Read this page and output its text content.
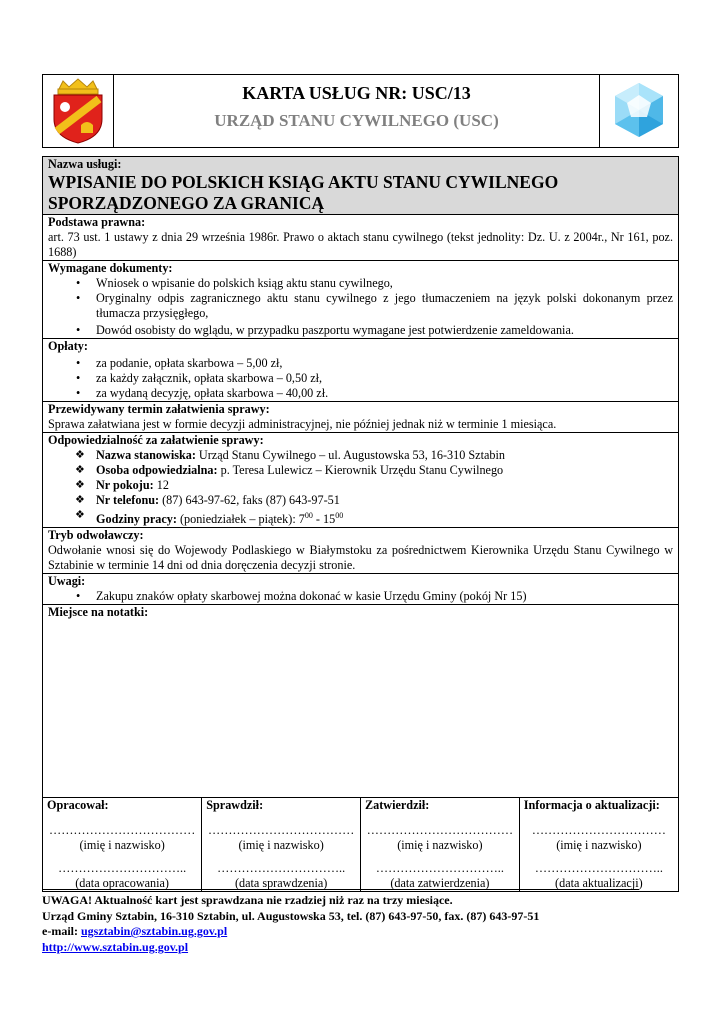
KARTA USŁUG NR: USC/13
URZĄD STANU CYWILNEGO (USC)
Nazwa usługi:
WPISANIE DO POLSKICH KSIĄG AKTU STANU CYWILNEGO
SPORZĄDZONEGO ZA GRANICĄ
Podstawa prawna:
art. 73 ust. 1 ustawy z dnia 29 września 1986r. Prawo o aktach stanu cywilnego (tekst jednolity: Dz. U. z 2004r., Nr 161, poz. 1688)
Wymagane dokumenty:
• Wniosek o wpisanie do polskich ksiąg aktu stanu cywilnego,
• Oryginalny odpis zagranicznego aktu stanu cywilnego z jego tłumaczeniem na język polski dokonanym przez tłumacza przysięgłego,
• Dowód osobisty do wglądu, w przypadku paszportu wymagane jest potwierdzenie zameldowania.
Opłaty:
• za podanie, opłata skarbowa – 5,00 zł,
• za każdy załącznik, opłata skarbowa – 0,50 zł,
• za wydaną decyzję, opłata skarbowa – 40,00 zł.
Przewidywany termin załatwienia sprawy:
Sprawa załatwiana jest w formie decyzji administracyjnej, nie później jednak niż w terminie 1 miesiąca.
Odpowiedzialność za załatwienie sprawy:
❖ Nazwa stanowiska: Urząd Stanu Cywilnego – ul. Augustowska 53, 16-310 Sztabin
❖ Osoba odpowiedzialna: p. Teresa Lulewicz – Kierownik Urzędu Stanu Cywilnego
❖ Nr pokoju: 12
❖ Nr telefonu: (87) 643-97-62, faks (87) 643-97-51
❖ Godziny pracy: (poniedziałek – piątek): $7^{00} - 15^{00}$
Tryb odwoławczy:
Odwołanie wnosi się do Wojewody Podlaskiego w Białymstoku za pośrednictwem Kierownika Urzędu Stanu Cywilnego w Sztabinie w terminie 14 dni od dnia doręczenia decyzji stronie.
Uwagi:
• Zakupu znaków opłaty skarbowej można dokonać w kasie Urzędu Gminy (pokój Nr 15)
Miejsce na notatki:
Opracował:
………………………………
(imię i nazwisko)
…………………………..
(data opracowania)

Sprawdził:
………………………………
(imię i nazwisko)
…………………………..
(data sprawdzenia)

Zatwierdził:
………………………………
(imię i nazwisko)
…………………………..
(data zatwierdzenia)

Informacja o aktualizacji:
……………………………
(imię i nazwisko)
…………………………..
(data aktualizacji)
UWAGA! Aktualność kart jest sprawdzana nie rzadziej niż raz na trzy miesiące.
Urząd Gminy Sztabin, 16-310 Sztabin, ul. Augustowska 53, tel. (87) 643-97-50, fax. (87) 643-97-51
e-mail: ugsztabin@sztabin.ug.gov.pl
http://www.sztabin.ug.gov.pl
